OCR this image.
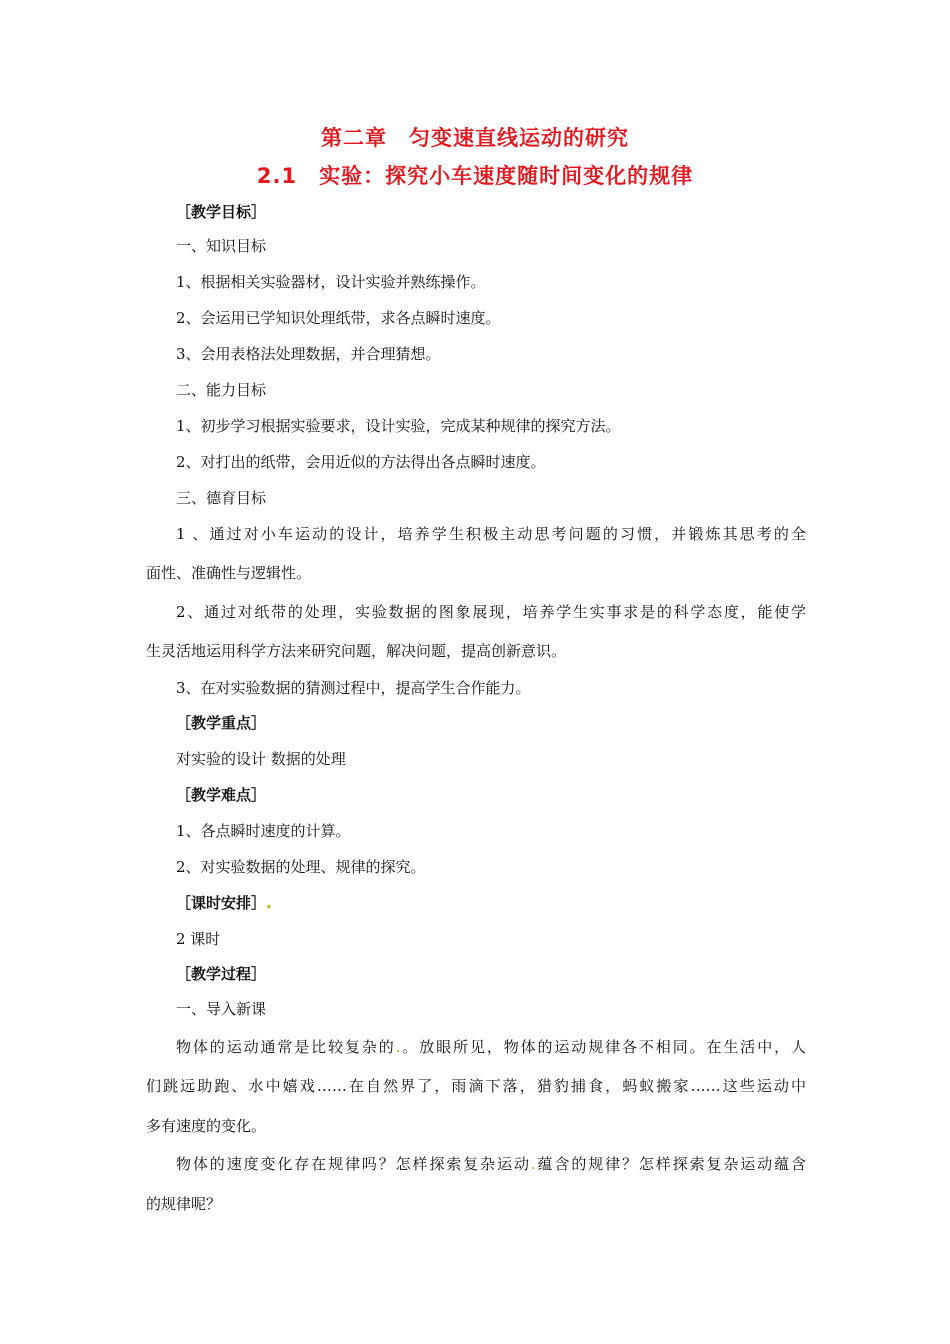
第二章　匀变速直线运动的研究
2.1　实验：探究小车速度随时间变化的规律
［教学目标］
一、知识目标
1、根据相关实验器材，设计实验并熟练操作。
2、会运用已学知识处理纸带，求各点瞬时速度。
3、会用表格法处理数据，并合理猜想。
二、能力目标
1、初步学习根据实验要求，设计实验，完成某种规律的探究方法。
2、对打出的纸带，会用近似的方法得出各点瞬时速度。
三、德育目标
1 、通过对小车运动的设计，培养学生积极主动思考问题的习惯，并锻炼其思考的全
面性、准确性与逻辑性。
2、通过对纸带的处理，实验数据的图象展现，培养学生实事求是的科学态度，能使学
生灵活地运用科学方法来研究问题，解决问题，提高创新意识。
3、在对实验数据的猜测过程中，提高学生合作能力。
［教学重点］
对实验的设计 数据的处理
［教学难点］
1、各点瞬时速度的计算。
2、对实验数据的处理、规律的探究。
［课时安排］.
2 课时
［教学过程］
一、导入新课
物体的运动通常是比较复杂的.。放眼所见，物体的运动规律各不相同。在生活中，人
们跳远助跑、水中嬉戏……在自然界了，雨滴下落，猎豹捕食，蚂蚁搬家……这些运动中
多有速度的变化。
物体的速度变化存在规律吗？怎样探索复杂运动.蕴含的规律？怎样探索复杂运动蕴含
的规律呢？
